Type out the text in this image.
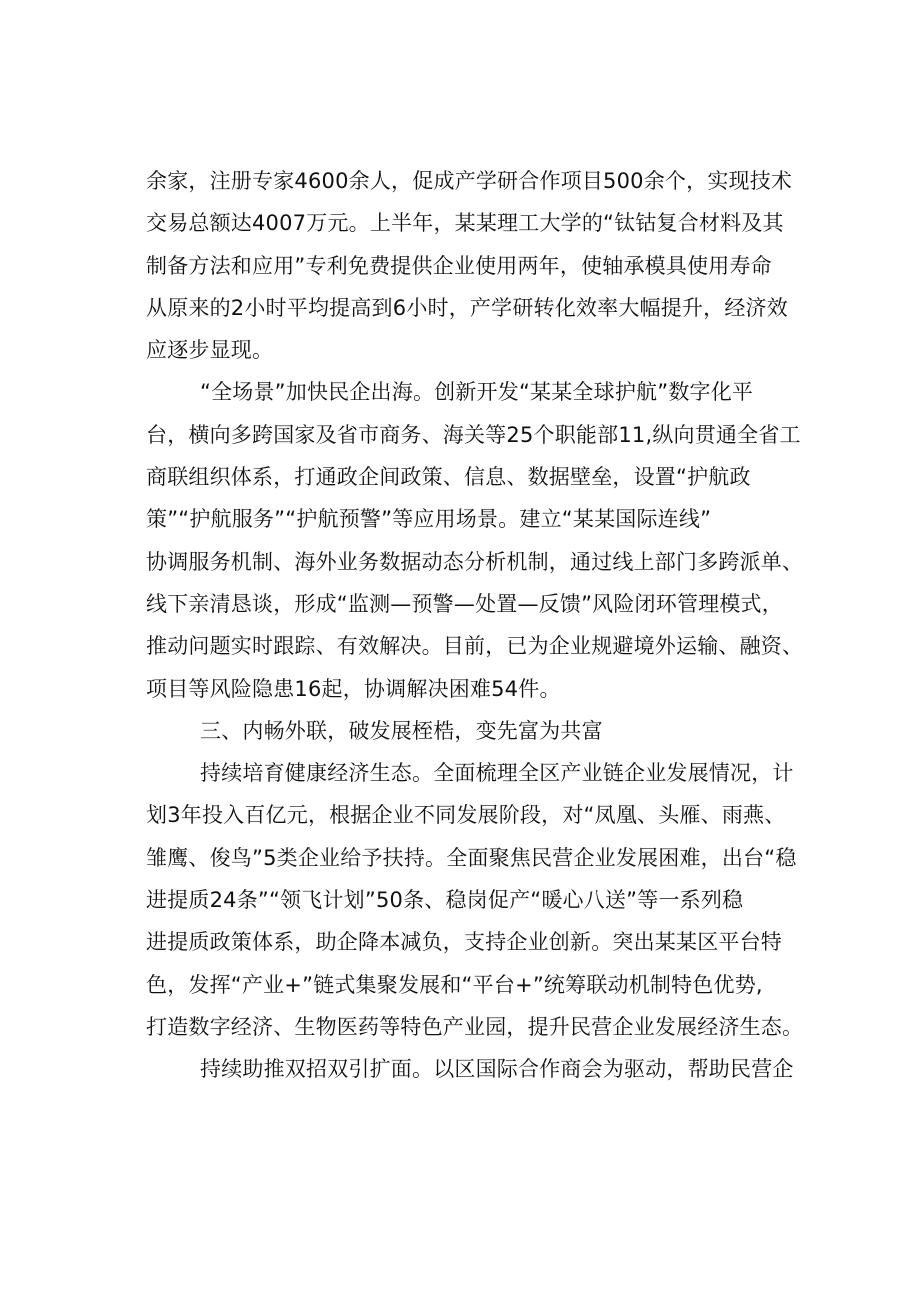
余家，注册专家4600余人，促成产学研合作项目500余个，实现技术
交易总额达4007万元。上半年，某某理工大学的“钛钴复合材料及其
制备方法和应用”专利免费提供企业使用两年，使轴承模具使用寿命
从原来的2小时平均提高到6小时，产学研转化效率大幅提升，经济效
应逐步显现。
“全场景”加快民企出海。创新开发“某某全球护航”数字化平
台，横向多跨国家及省市商务、海关等25个职能部11,纵向贯通全省工
商联组织体系，打通政企间政策、信息、数据壁垒，设置“护航政
策”“护航服务”“护航预警”等应用场景。建立“某某国际连线”
协调服务机制、海外业务数据动态分析机制，通过线上部门多跨派单、
线下亲清恳谈，形成“监测—预警—处置—反馈”风险闭环管理模式，
推动问题实时跟踪、有效解决。目前，已为企业规避境外运输、融资、
项目等风险隐患16起，协调解决困难54件。
三、内畅外联，破发展桎梏，变先富为共富
持续培育健康经济生态。全面梳理全区产业链企业发展情况，计
划3年投入百亿元，根据企业不同发展阶段，对“凤凰、头雁、雨燕、
雏鹰、俊鸟”5类企业给予扶持。全面聚焦民营企业发展困难，出台“稳
进提质24条”“领飞计划”50条、稳岗促产“暖心八送”等一系列稳
进提质政策体系，助企降本减负，支持企业创新。突出某某区平台特
色，发挥“产业+”链式集聚发展和“平台+”统筹联动机制特色优势,
打造数字经济、生物医药等特色产业园，提升民营企业发展经济生态。
持续助推双招双引扩面。以区国际合作商会为驱动，帮助民营企
